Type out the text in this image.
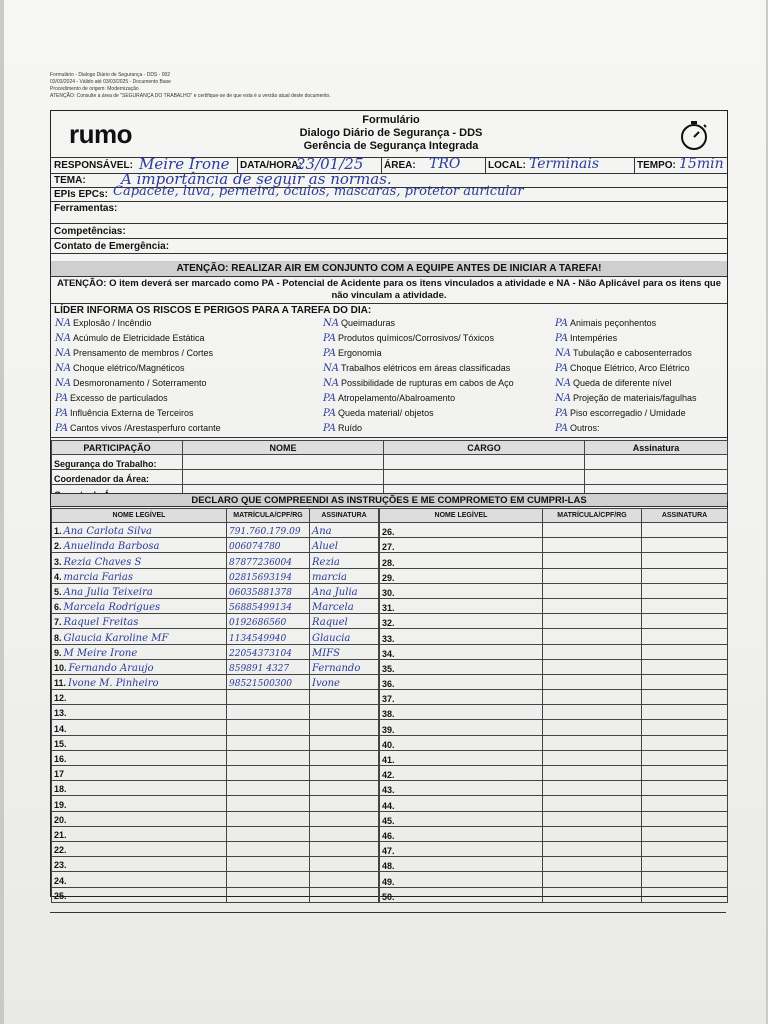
Formulário - Dialogo Diário de Segurança - DDS - 002
03/03/2024 - Válido até 03/03/2025 - Documento Base
Procedimento de origem: Modernização
ATENÇÃO: Consulte a área de "SEGURANÇA DO TRABALHO" e certifique-se de que esta é a versão atual deste documento.
rumo	Formulário
Dialogo Diário de Segurança - DDS
Gerência de Segurança Integrada
RESPONSÁVEL: Meire Irone	DATA/HORA:
23/01/25	ÁREA: TRO	LOCAL: Terminais	TEMPO: 15min
TEMA: A importância de seguir as normas.
EPIs EPCs: Capacete, luva, perneira, óculos, mascaras, protetor auricular
Ferramentas:
Competências:
Contato de Emergência:
ATENÇÃO: REALIZAR AIR EM CONJUNTO COM A EQUIPE ANTES DE INICIAR A TAREFA!
ATENÇÃO: O item deverá ser marcado como PA - Potencial de Acidente para os itens vinculados a atividade e NA - Não Aplicável para os itens que não vinculam a atividade.
LÍDER INFORMA OS RISCOS E PERIGOS PARA A TAREFA DO DIA:
NA Explosão / Incêndio
NA Acúmulo de Eletricidade Estática
NA Prensamento de membros / Cortes
NA Choque elétrico/Magnéticos
NA Desmoronamento / Soterramento
PA Excesso de particulados
PA Influência Externa de Terceiros
PA Cantos vivos /Arestasperfuro cortante
NA Queimaduras
PA Produtos químicos/Corrosivos/ Tóxicos
PA Ergonomia
NA Trabalhos elétricos em áreas classificadas
NA Possibilidade de rupturas em cabos de Aço
PA Atropelamento/Abalroamento
PA Queda material/ objetos
PA Ruído
PA Animais peçonhentos
PA Intempéries
NA Tubulação e cabosenterrados
PA Choque Elétrico, Arco Elétrico
NA Queda de diferente nível
NA Projeção de materiais/fagulhas
PA Piso escorregadio / Umidade
PA Outros:
PARTICIPAÇÃO	NOME	CARGO	Assinatura
Segurança do Trabalho:			
Coordenador da Área:			

DECLARO QUE COMPREENDI AS INSTRUÇÕES E ME COMPROMETO EM CUMPRI-LAS
NOME LEGÍVEL	MATRÍCULA/CPF/RG	ASSINATURA
1. Ana Carlota Silva	791.760.179.09	Ana
2. Anuelinda Barbosa	006074780	Aluel
3. Rezia Chaves S	87877236004	Rezia
4. marcia Farias	02815693194	marcia
5. Ana Julia Teixeira	06035881378	Ana Julia
6. Marcela Rodrigues	56885499134	Marcela
7. Raquel Freitas	0192686560	Raquel
8. Glaucia Karoline MF	1134549940	Glaucia
9. M Meire Irone	22054373104	MIFS
10. Fernando Araujo	859891 4327	Fernando
11. Ivone M. Pinheiro	98521500300	Ivone
12.		
13.		
14.		
15.		
16.		
17		
18.		
19.		
20.		
21.		
22.		
23.		
24.		
25.		
NOME LEGÍVEL	MATRÍCULA/CPF/RG	ASSINATURA
26.		
27.		
28.		
29.		
30.		
31.		
32.		
33.		
34.		
35.		
36.		
37.		
38.		
39.		
40.		
41.		
42.		
43.		
44.		
45.		
46.		
47.		
48.		
49.		
50.		
